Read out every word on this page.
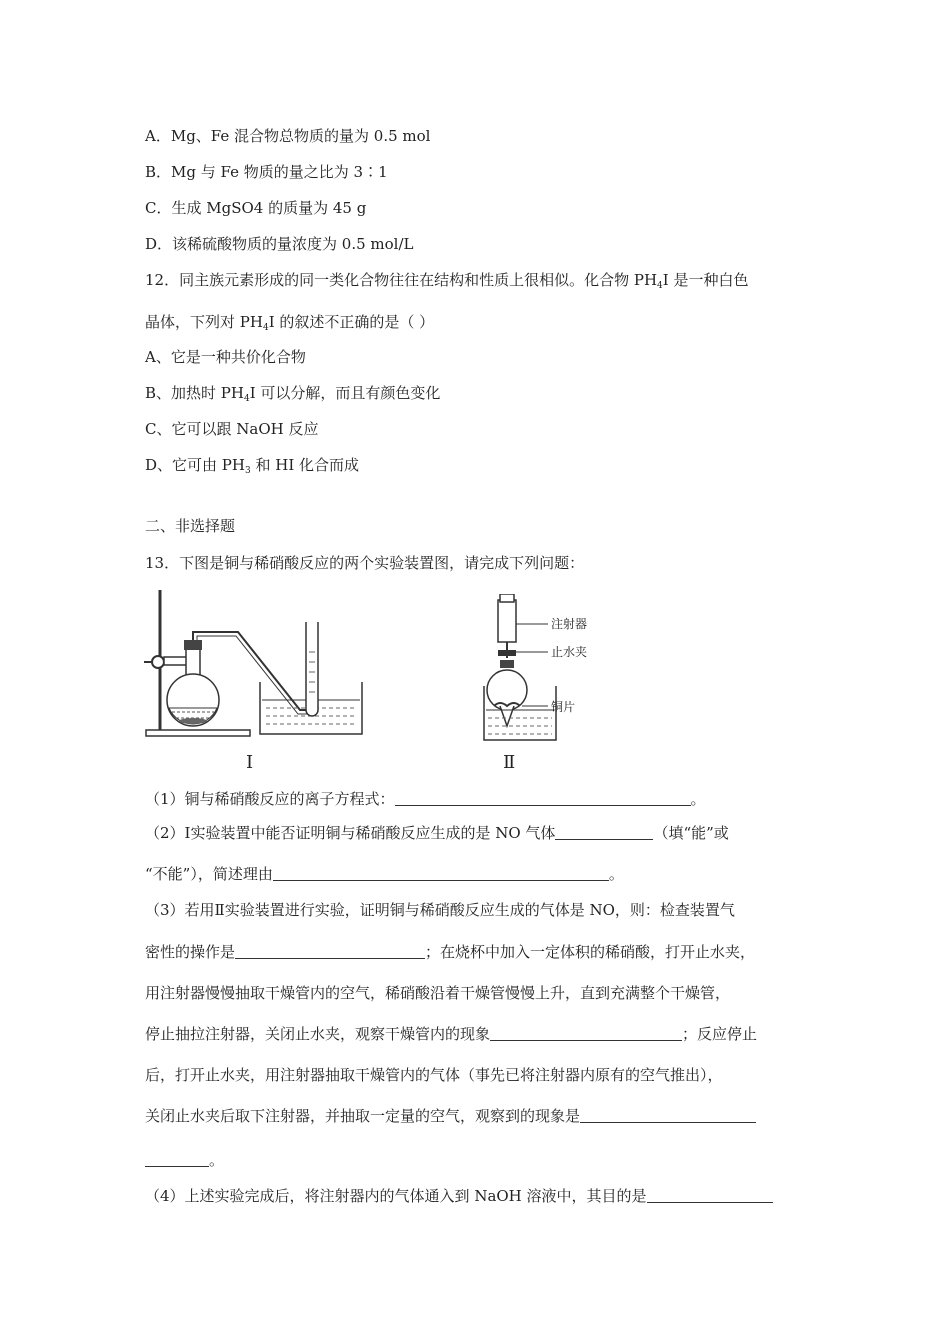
A．Mg、Fe 混合物总物质的量为 0.5 mol
B．Mg 与 Fe 物质的量之比为 3∶1
C．生成 MgSO4 的质量为 45 g
D．该稀硫酸物质的量浓度为 0.5 mol/L
12．同主族元素形成的同一类化合物往往在结构和性质上很相似。化合物 $PH_4I$ 是一种白色
晶体，下列对 $PH_4I$ 的叙述不正确的是（ ）
A、它是一种共价化合物
B、加热时 $PH_4I$ 可以分解，而且有颜色变化
C、它可以跟 NaOH 反应
D、它可由 $PH_3$ 和 HI 化合而成
二、非选择题
13．下图是铜与稀硝酸反应的两个实验装置图，请完成下列问题：
Ⅰ
注射器
止水夹
铜片
Ⅱ
（1）铜与稀硝酸反应的离子方程式：	。
（2）Ⅰ实验装置中能否证明铜与稀硝酸反应生成的是 NO 气体	（填“能”或
“不能”），简述理由	。
（3）若用Ⅱ实验装置进行实验，证明铜与稀硝酸反应生成的气体是 NO，则：检查装置气
密性的操作是	；在烧杯中加入一定体积的稀硝酸，打开止水夹，
用注射器慢慢抽取干燥管内的空气，稀硝酸沿着干燥管慢慢上升，直到充满整个干燥管，
停止抽拉注射器，关闭止水夹，观察干燥管内的现象	；反应停止
后，打开止水夹，用注射器抽取干燥管内的气体（事先已将注射器内原有的空气推出），
关闭止水夹后取下注射器，并抽取一定量的空气，观察到的现象是
。
（4）上述实验完成后，将注射器内的气体通入到 NaOH 溶液中，其目的是
